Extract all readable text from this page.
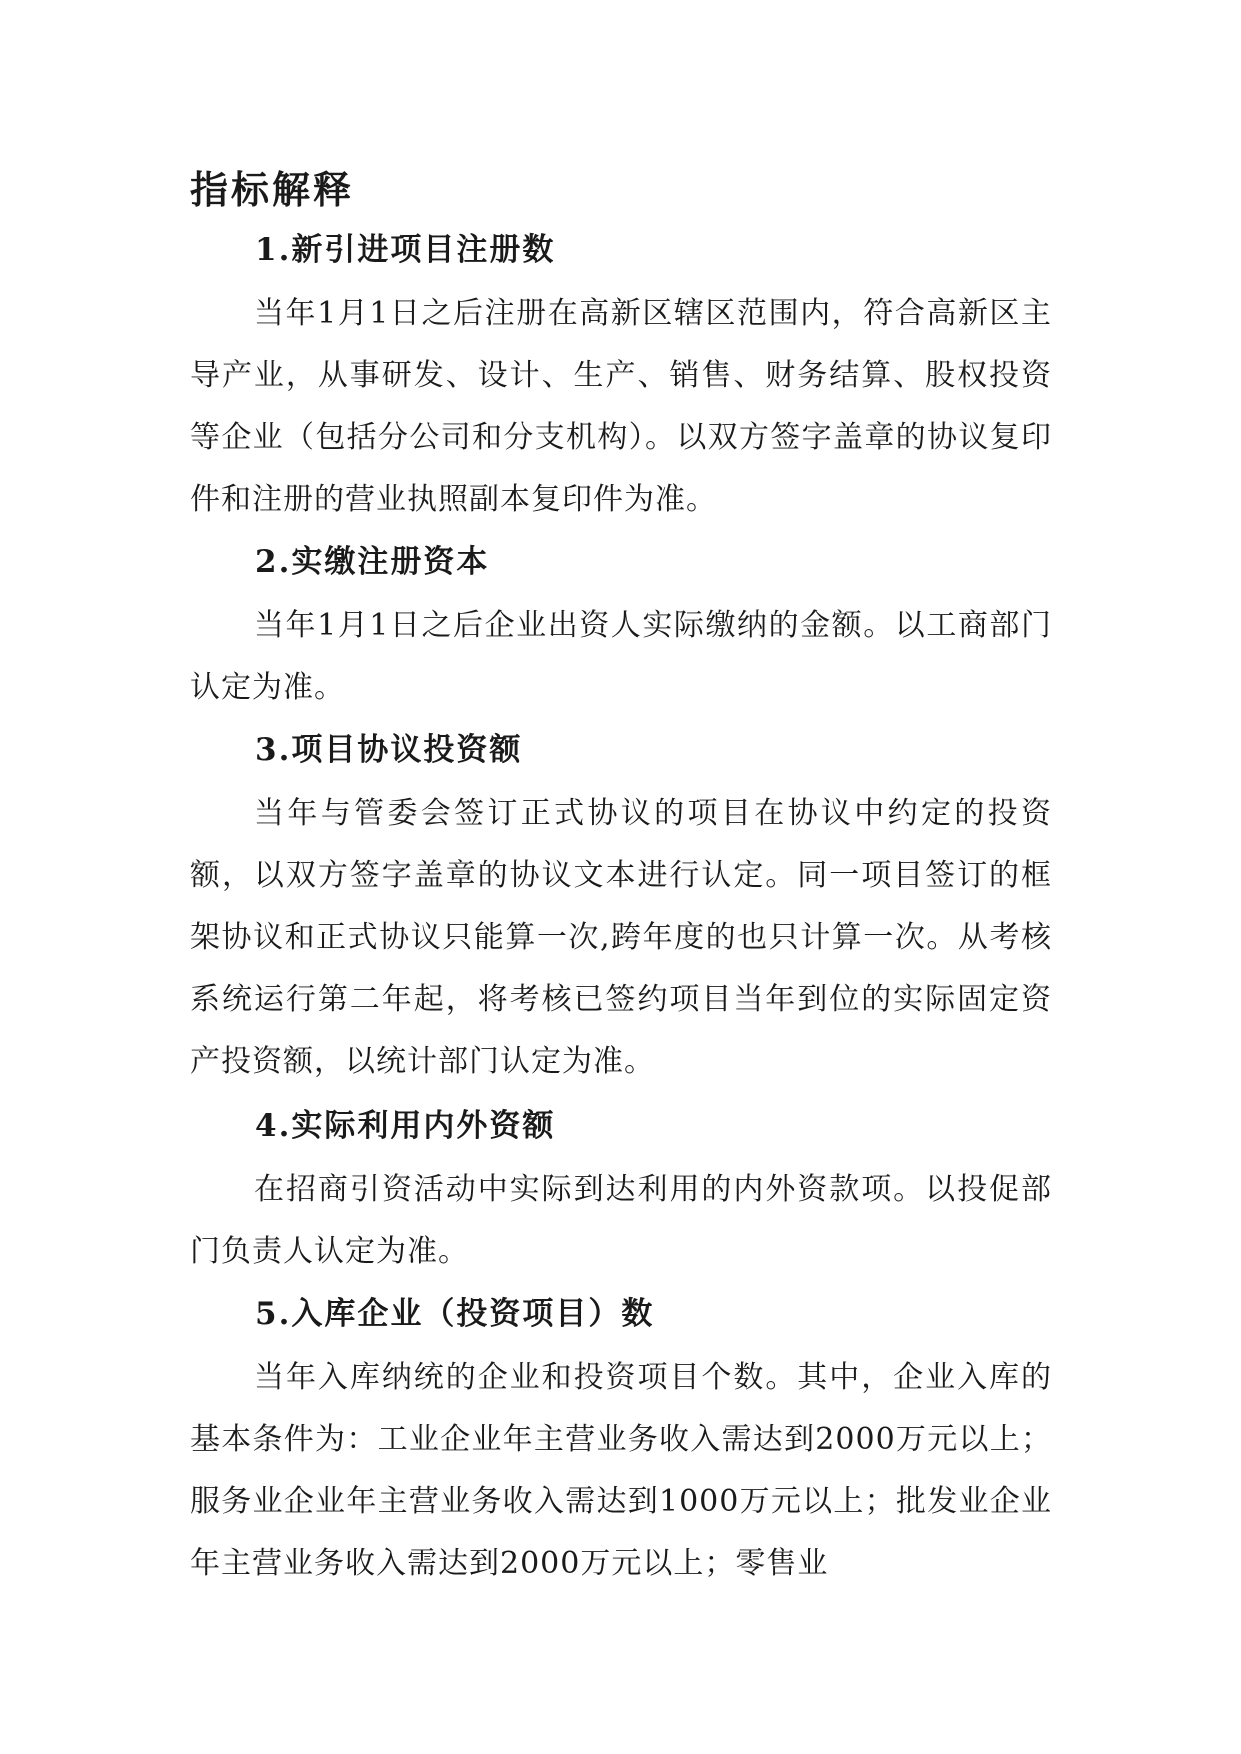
指标解释
1.新引进项目注册数

当年1月1日之后注册在高新区辖区范围内，符合高新区主导产业，从事研发、设计、生产、销售、财务结算、股权投资等企业（包括分公司和分支机构）。以双方签字盖章的协议复印件和注册的营业执照副本复印件为准。

2.实缴注册资本

当年1月1日之后企业出资人实际缴纳的金额。以工商部门认定为准。

3.项目协议投资额

当年与管委会签订正式协议的项目在协议中约定的投资额，以双方签字盖章的协议文本进行认定。同一项目签订的框架协议和正式协议只能算一次,跨年度的也只计算一次。从考核系统运行第二年起，将考核已签约项目当年到位的实际固定资产投资额，以统计部门认定为准。

4.实际利用内外资额

在招商引资活动中实际到达利用的内外资款项。以投促部门负责人认定为准。

5.入库企业（投资项目）数

当年入库纳统的企业和投资项目个数。其中，企业入库的基本条件为：工业企业年主营业务收入需达到2000万元以上；服务业企业年主营业务收入需达到1000万元以上；批发业企业年主营业务收入需达到2000万元以上；零售业
